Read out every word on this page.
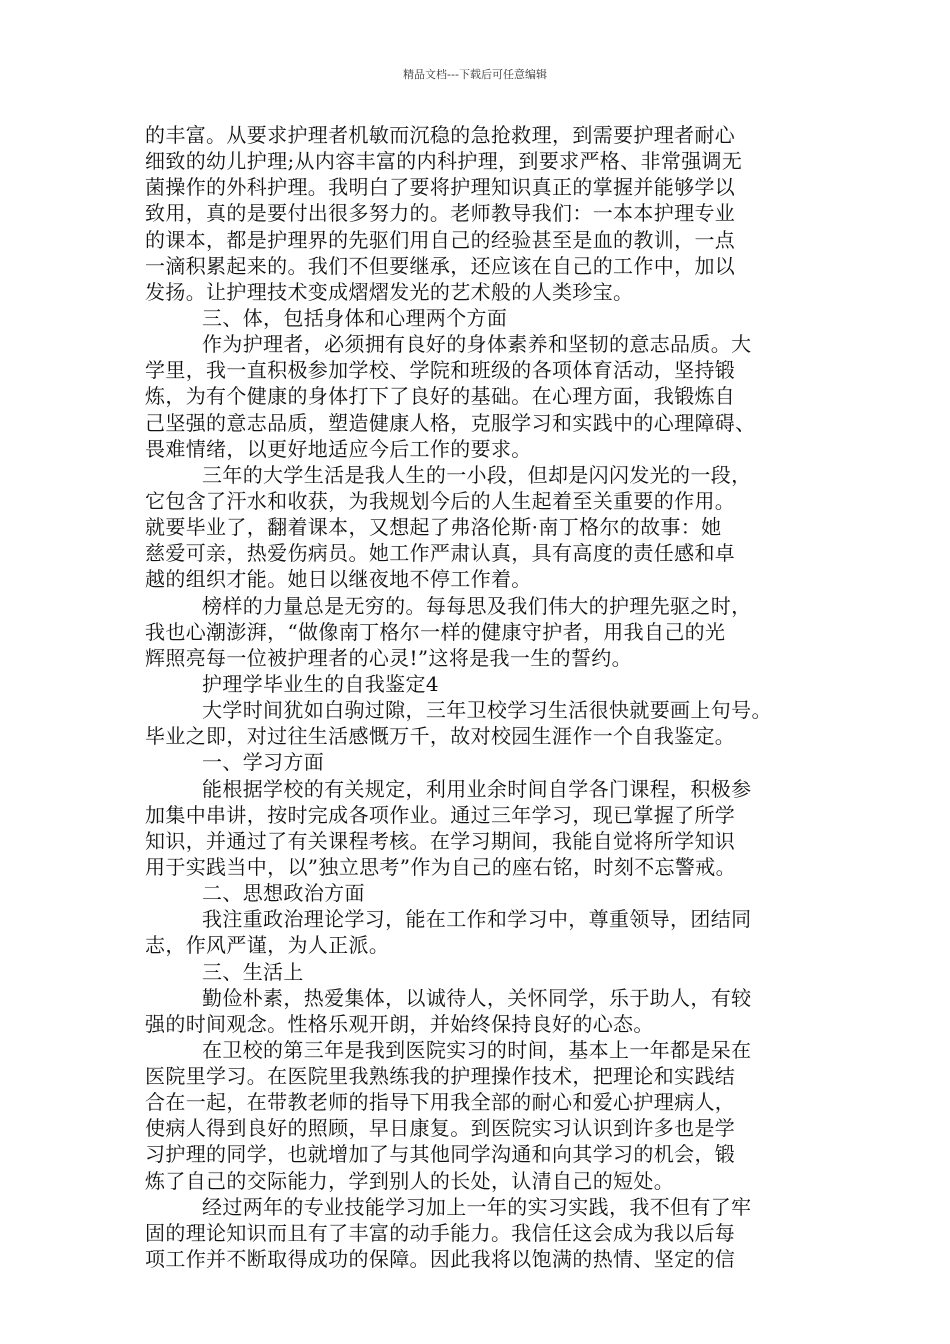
精品文档---下载后可任意编辑
的丰富。从要求护理者机敏而沉稳的急抢救理，到需要护理者耐心
细致的幼儿护理;从内容丰富的内科护理，到要求严格、非常强调无
菌操作的外科护理。我明白了要将护理知识真正的掌握并能够学以
致用，真的是要付出很多努力的。老师教导我们：一本本护理专业
的课本，都是护理界的先驱们用自己的经验甚至是血的教训，一点
一滴积累起来的。我们不但要继承，还应该在自己的工作中，加以
发扬。让护理技术变成熠熠发光的艺术般的人类珍宝。
三、体，包括身体和心理两个方面
作为护理者，必须拥有良好的身体素养和坚韧的意志品质。大
学里，我一直积极参加学校、学院和班级的各项体育活动，坚持锻
炼，为有个健康的身体打下了良好的基础。在心理方面，我锻炼自
己坚强的意志品质，塑造健康人格，克服学习和实践中的心理障碍、
畏难情绪，以更好地适应今后工作的要求。
三年的大学生活是我人生的一小段，但却是闪闪发光的一段，
它包含了汗水和收获，为我规划今后的人生起着至关重要的作用。
就要毕业了，翻着课本，又想起了弗洛伦斯·南丁格尔的故事：她
慈爱可亲，热爱伤病员。她工作严肃认真，具有高度的责任感和卓
越的组织才能。她日以继夜地不停工作着。
榜样的力量总是无穷的。每每思及我们伟大的护理先驱之时，
我也心潮澎湃，“做像南丁格尔一样的健康守护者，用我自己的光
辉照亮每一位被护理者的心灵!”这将是我一生的誓约。
护理学毕业生的自我鉴定4
大学时间犹如白驹过隙，三年卫校学习生活很快就要画上句号。
毕业之即，对过往生活感慨万千，故对校园生涯作一个自我鉴定。
一、学习方面
能根据学校的有关规定，利用业余时间自学各门课程，积极参
加集中串讲，按时完成各项作业。通过三年学习，现已掌握了所学
知识，并通过了有关课程考核。在学习期间，我能自觉将所学知识
用于实践当中，以”独立思考”作为自己的座右铭，时刻不忘警戒。
二、思想政治方面
我注重政治理论学习，能在工作和学习中，尊重领导，团结同
志，作风严谨，为人正派。
三、生活上
勤俭朴素，热爱集体，以诚待人，关怀同学，乐于助人，有较
强的时间观念。性格乐观开朗，并始终保持良好的心态。
在卫校的第三年是我到医院实习的时间，基本上一年都是呆在
医院里学习。在医院里我熟练我的护理操作技术，把理论和实践结
合在一起，在带教老师的指导下用我全部的耐心和爱心护理病人，
使病人得到良好的照顾，早日康复。到医院实习认识到许多也是学
习护理的同学，也就增加了与其他同学沟通和向其学习的机会，锻
炼了自己的交际能力，学到别人的长处，认清自己的短处。
经过两年的专业技能学习加上一年的实习实践，我不但有了牢
固的理论知识而且有了丰富的动手能力。我信任这会成为我以后每
项工作并不断取得成功的保障。因此我将以饱满的热情、坚定的信
